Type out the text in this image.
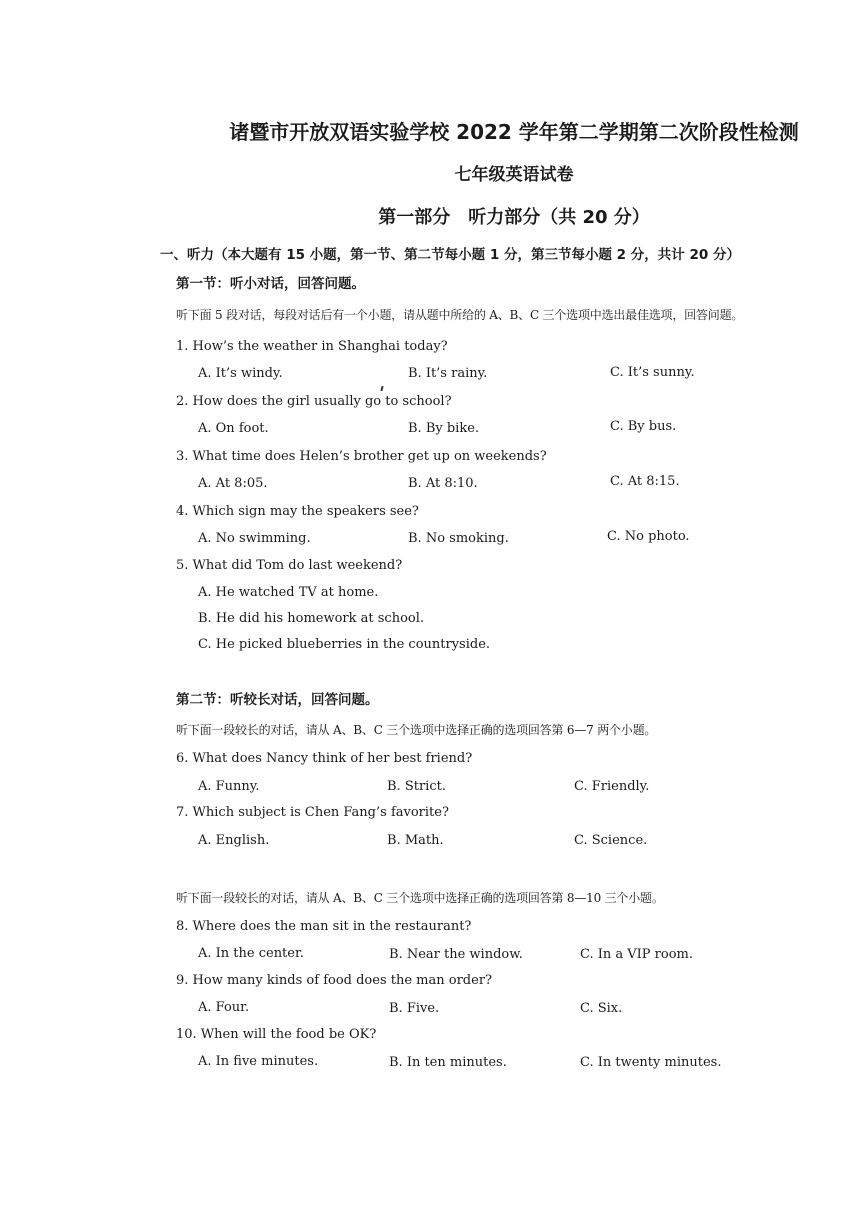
诸暨市开放双语实验学校 2022 学年第二学期第二次阶段性检测
七年级英语试卷
第一部分　听力部分（共 20 分）
一、听力（本大题有 15 小题，第一节、第二节每小题 1 分，第三节每小题 2 分，共计 20 分）
第一节：听小对话，回答问题。
听下面 5 段对话，每段对话后有一个小题，请从题中所给的 A、B、C 三个选项中选出最佳选项，回答问题。
1. How’s the weather in Shanghai today?
A. It’s windy.	B. It’s rainy.	C. It’s sunny.
2. How does the girl usually go to school?
A. On foot.	B. By bike.	C. By bus.
3. What time does Helen’s brother get up on weekends?
A. At 8:05.	B. At 8:10.	C. At 8:15.
4. Which sign may the speakers see?
A. No swimming.	B. No smoking.	C. No photo.
5. What did Tom do last weekend?
A. He watched TV at home.
B. He did his homework at school.
C. He picked blueberries in the countryside.
第二节：听较长对话，回答问题。
听下面一段较长的对话，请从 A、B、C 三个选项中选择正确的选项回答第 6—7 两个小题。
6. What does Nancy think of her best friend?
A. Funny.	B. Strict.	C. Friendly.
7. Which subject is Chen Fang’s favorite?
A. English.	B. Math.	C. Science.
听下面一段较长的对话，请从 A、B、C 三个选项中选择正确的选项回答第 8—10 三个小题。
8. Where does the man sit in the restaurant?
A. In the center.	B. Near the window.	C. In a VIP room.
9. How many kinds of food does the man order?
A. Four.	B. Five.	C. Six.
10. When will the food be OK?
A. In five minutes.	B. In ten minutes.	C. In twenty minutes.
